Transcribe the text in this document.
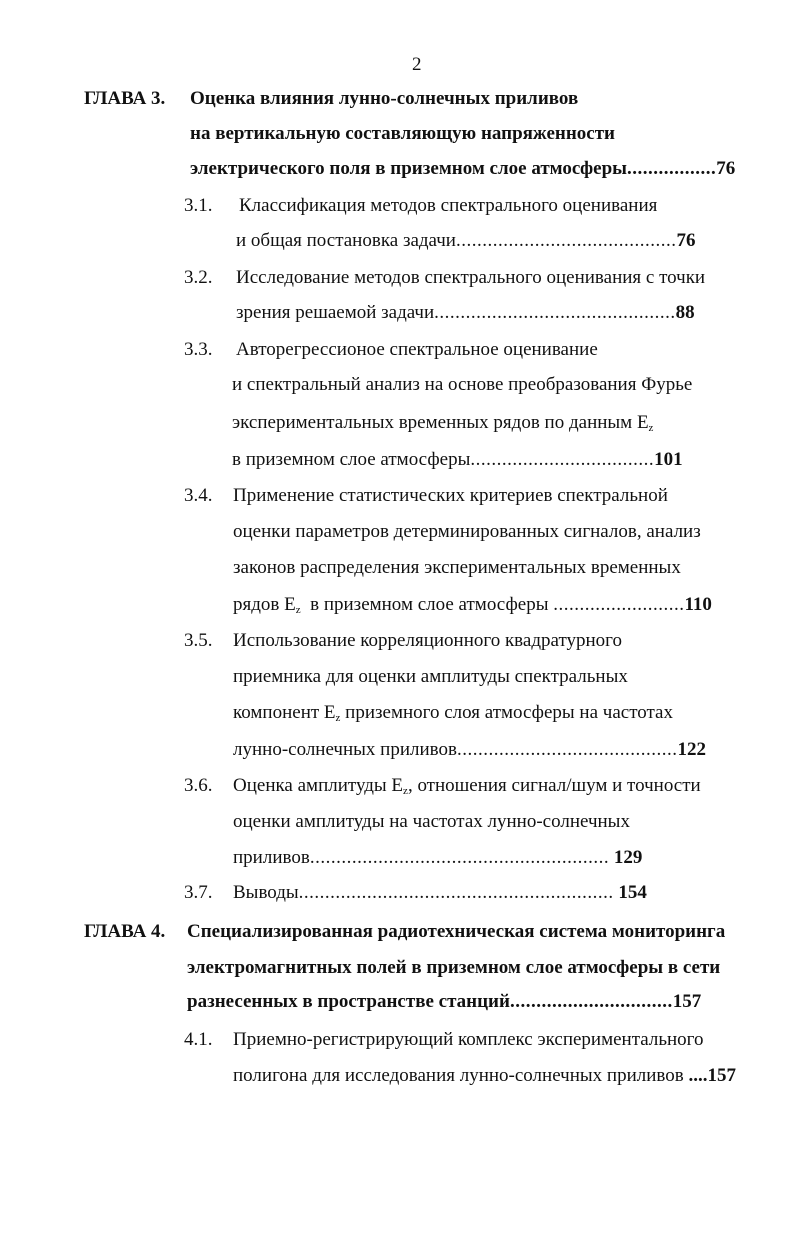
2
ГЛАВА 3. Оценка влияния лунно-солнечных приливов
на вертикальную составляющую напряженности
электрического поля в приземном слое атмосферы.................76
3.1. Классификация методов спектрального оценивания
и общая постановка задачи..........................................76
3.2. Исследование методов спектрального оценивания с точки
зрения решаемой задачи..............................................88
3.3. Авторегрессионое спектральное оценивание
и спектральный анализ на основе преобразования Фурье
экспериментальных временных рядов по данным $E_z$
в приземном слое атмосферы...................................101
3.4. Применение статистических критериев спектральной
оценки параметров детерминированных сигналов, анализ
законов распределения экспериментальных временных
рядов $E_z$ в приземном слое атмосферы .........................110
3.5. Использование корреляционного квадратурного
приемника для оценки амплитуды спектральных
компонент $E_z$ приземного слоя атмосферы на частотах
лунно-солнечных приливов..........................................122
3.6. Оценка амплитуды $E_z$, отношения сигнал/шум и точности
оценки амплитуды на частотах лунно-солнечных
приливов......................................................... 129
3.7. Выводы............................................................ 154
ГЛАВА 4. Специализированная радиотехническая система мониторинга
электромагнитных полей в приземном слое атмосферы в сети
разнесенных в пространстве станций...............................157
4.1. Приемно-регистрирующий комплекс экспериментального
полигона для исследования лунно-солнечных приливов ....157
